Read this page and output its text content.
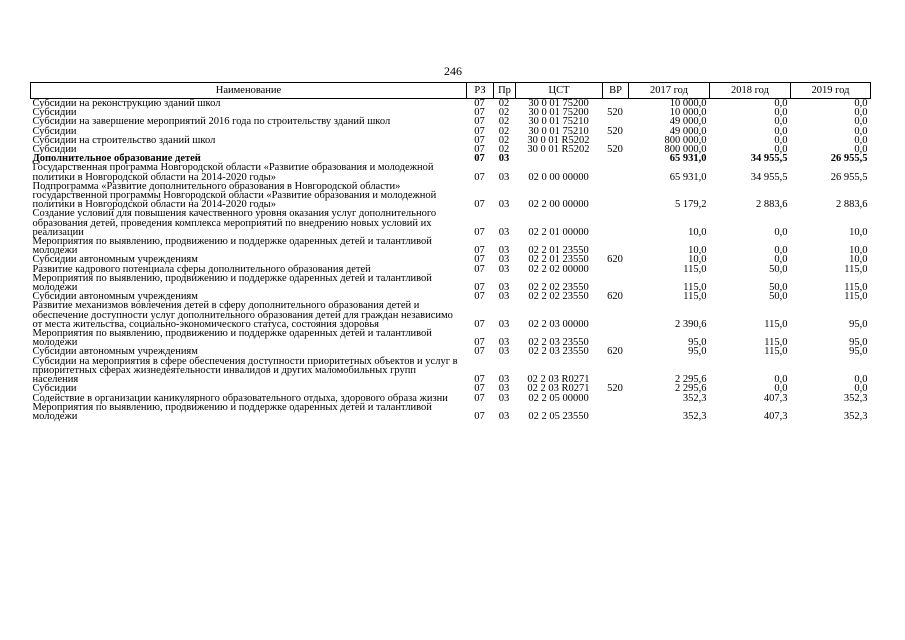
246
Наименование	РЗ	Пр	ЦСТ	ВР	2017 год	2018 год	2019 год
Субсидии на реконструкцию зданий школ	07	02	30 0 01 75200		10 000,0	0,0	0,0
Субсидии	07	02	30 0 01 75200	520	10 000,0	0,0	0,0
Субсидии на завершение мероприятий 2016 года по строительству зданий школ	07	02	30 0 01 75210		49 000,0	0,0	0,0
Субсидии	07	02	30 0 01 75210	520	49 000,0	0,0	0,0
Субсидии на строительство зданий школ	07	02	30 0 01 R5202		800 000,0	0,0	0,0
Субсидии	07	02	30 0 01 R5202	520	800 000,0	0,0	0,0
Дополнительное образование детей	07	03			65 931,0	34 955,5	26 955,5
Государственная программа Новгородской области «Развитие образования и молодежной политики в Новгородской области на 2014-2020 годы»	07	03	02 0 00 00000		65 931,0	34 955,5	26 955,5
Подпрограмма «Развитие дополнительного образования в Новгородской области» государственной программы Новгородской области «Развитие образования и молодежной политики в Новгородской области на 2014-2020 годы»	07	03	02 2 00 00000		5 179,2	2 883,6	2 883,6
Создание условий для повышения качественного уровня оказания услуг дополнительного образования детей, проведения комплекса мероприятий по внедрению новых условий их реализации	07	03	02 2 01 00000		10,0	0,0	10,0
Мероприятия по выявлению, продвижению и поддержке одаренных детей и талантливой молодежи	07	03	02 2 01 23550		10,0	0,0	10,0
Субсидии автономным учреждениям	07	03	02 2 01 23550	620	10,0	0,0	10,0
Развитие кадрового потенциала сферы дополнительного образования детей	07	03	02 2 02 00000		115,0	50,0	115,0
Мероприятия по выявлению, продвижению и поддержке одаренных детей и талантливой молодежи	07	03	02 2 02 23550		115,0	50,0	115,0
Субсидии автономным учреждениям	07	03	02 2 02 23550	620	115,0	50,0	115,0
Развитие механизмов вовлечения детей в сферу дополнительного образования детей и обеспечение доступности услуг дополнительного образования детей для граждан независимо от места жительства, социально-экономического статуса, состояния здоровья	07	03	02 2 03 00000		2 390,6	115,0	95,0
Мероприятия по выявлению, продвижению и поддержке одаренных детей и талантливой молодежи	07	03	02 2 03 23550		95,0	115,0	95,0
Субсидии автономным учреждениям	07	03	02 2 03 23550	620	95,0	115,0	95,0
Субсидии на мероприятия в сфере обеспечения доступности приоритетных объектов и услуг в приоритетных сферах жизнедеятельности инвалидов и других маломобильных групп населения	07	03	02 2 03 R0271		2 295,6	0,0	0,0
Субсидии	07	03	02 2 03 R0271	520	2 295,6	0,0	0,0
Содействие в организации каникулярного образовательного отдыха, здорового образа жизни	07	03	02 2 05 00000		352,3	407,3	352,3
Мероприятия по выявлению, продвижению и поддержке одаренных детей и талантливой молодежи	07	03	02 2 05 23550		352,3	407,3	352,3
